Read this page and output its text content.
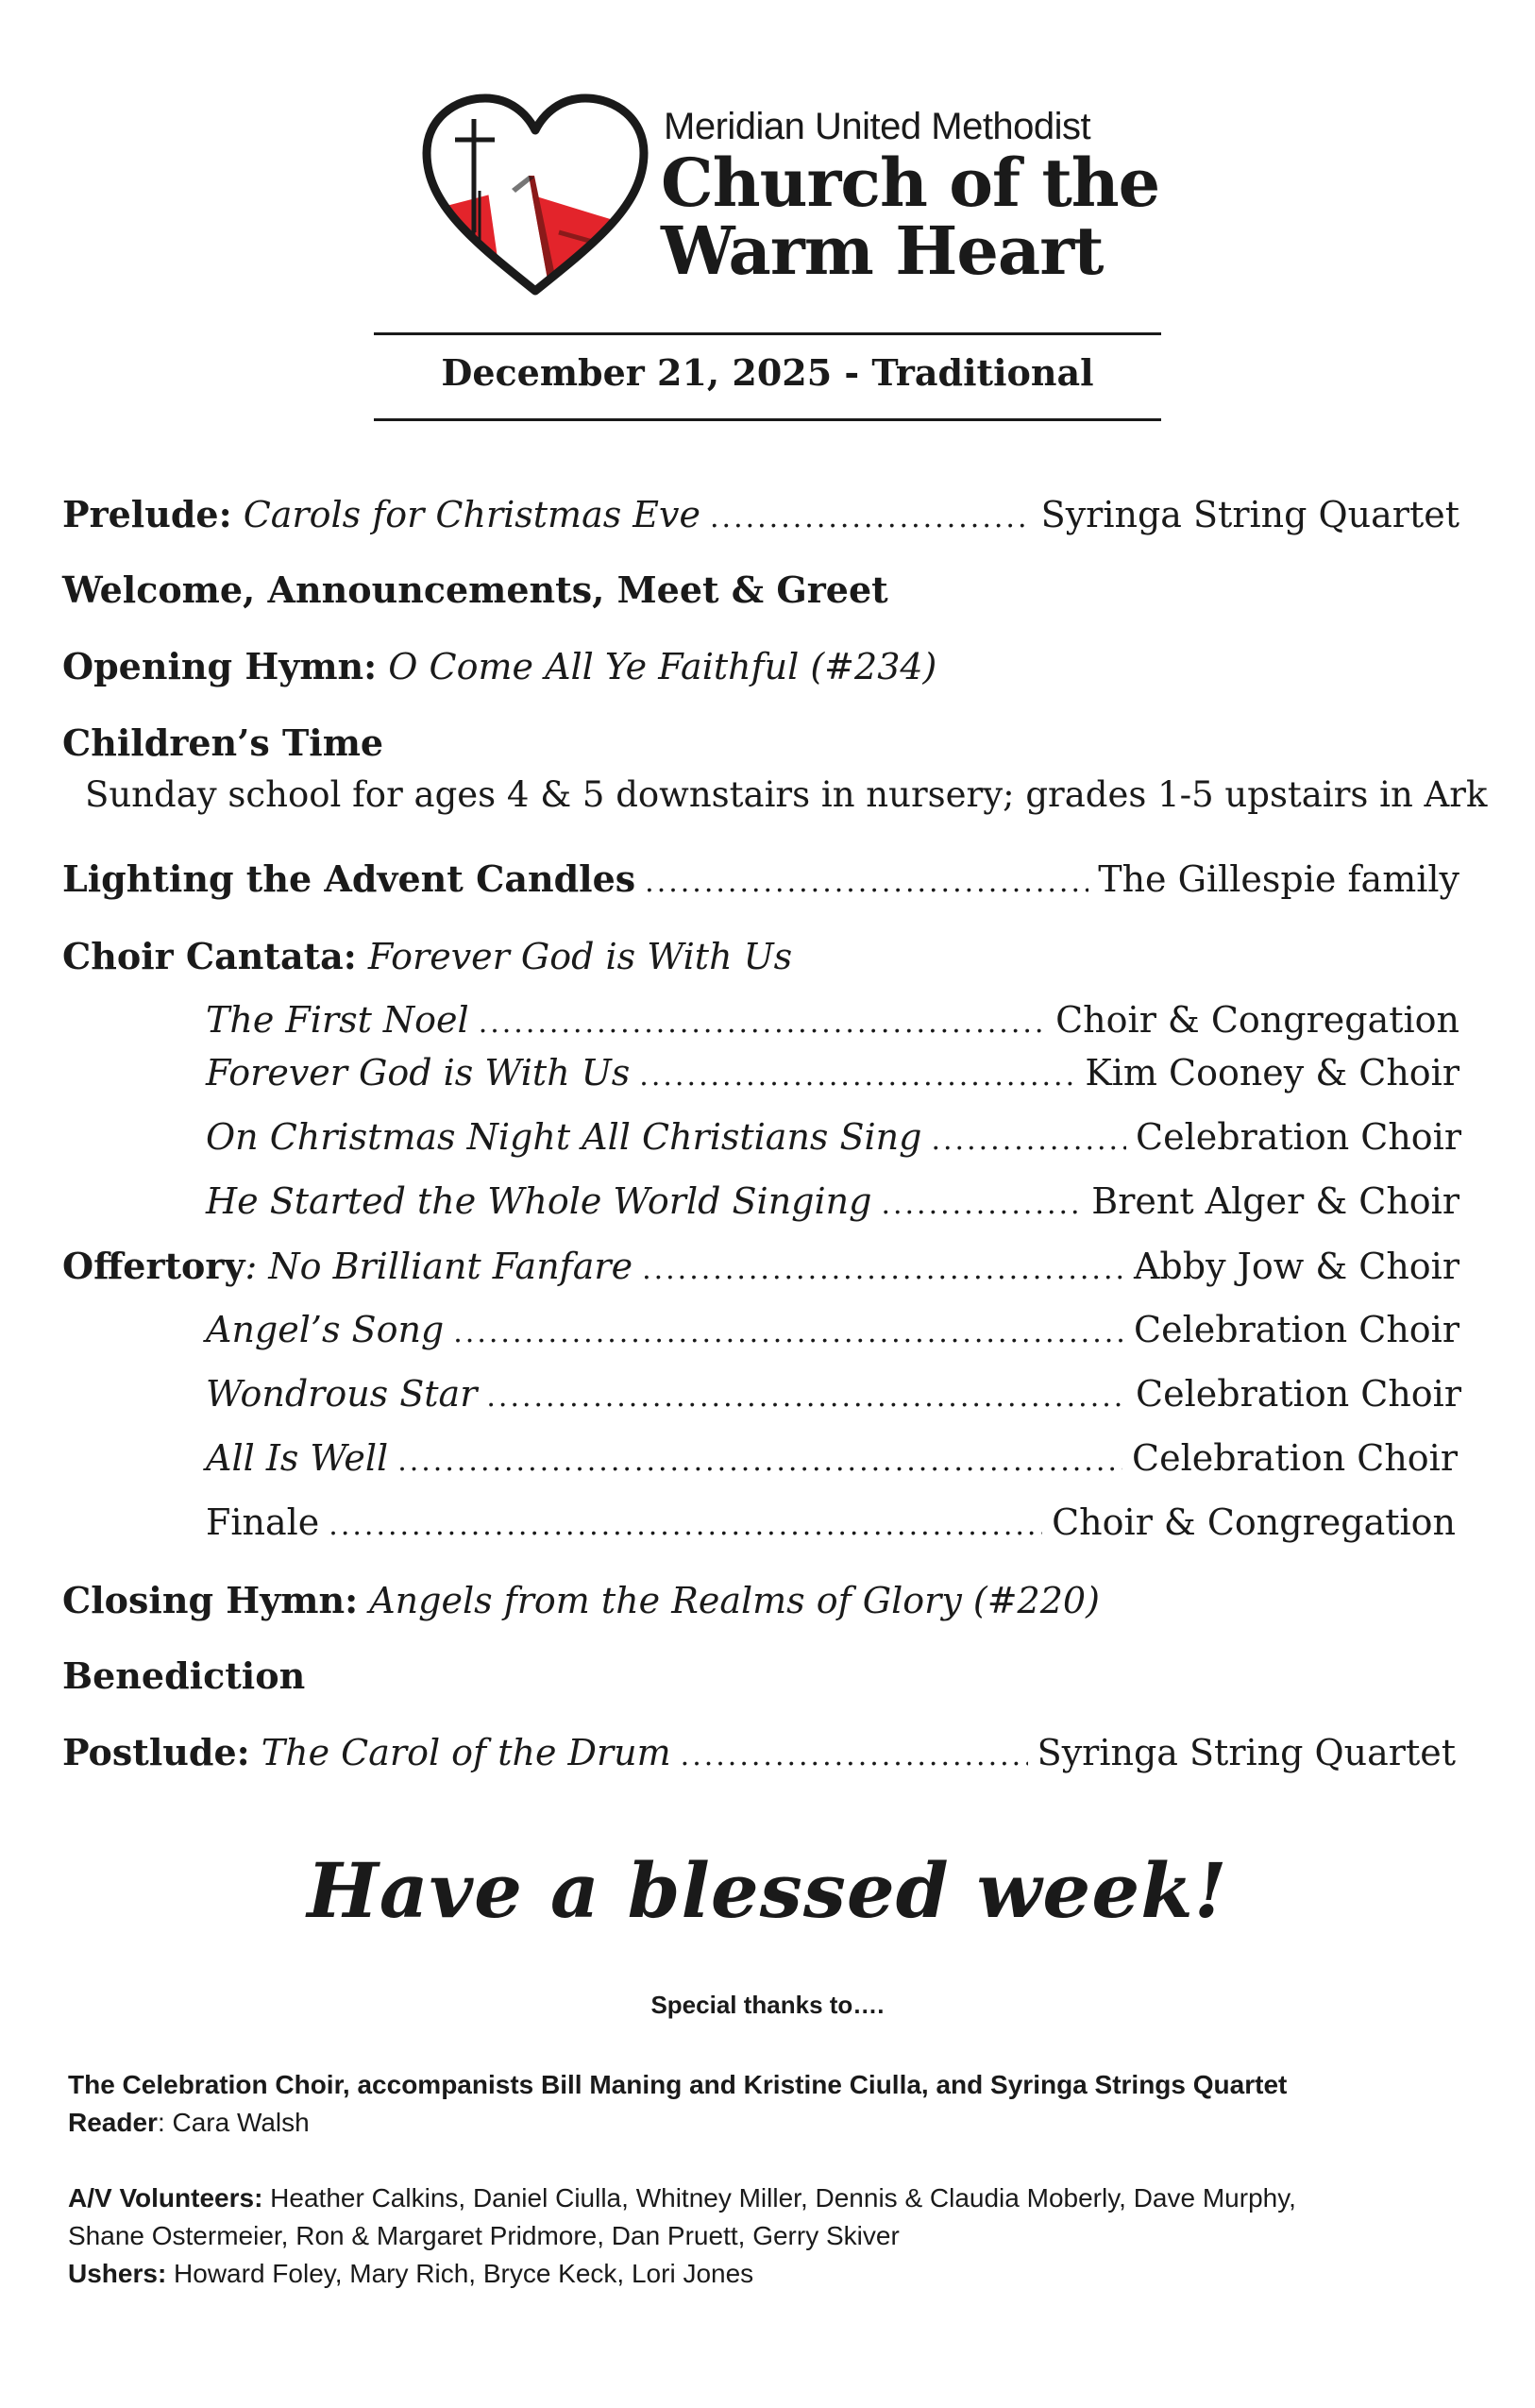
Meridian United Methodist
Church of the
Warm Heart
December 21, 2025 - Traditional
Prelude:
Carols for Christmas Eve .....	Syringa String Quartet
Welcome, Announcements, Meet & Greet
Opening Hymn:
O Come All Ye Faithful (#234)
Children’s Time
Sunday school for ages 4 & 5 downstairs in nursery; grades 1-5 upstairs in Ark
Lighting the Advent Candles .....	The Gillespie family
Choir Cantata:
Forever God is With Us
The First Noel .....	Choir & Congregation
Forever God is With Us .....	Kim Cooney & Choir
On Christmas Night All Christians Sing .....	Celebration Choir
He Started the Whole World Singing .....	Brent Alger & Choir
Offertory : No Brilliant Fanfare .....	Abby Jow & Choir
Angel’s Song .....	Celebration Choir
Wondrous Star .....	Celebration Choir
All Is Well .....	Celebration Choir
Finale .....	Choir & Congregation
Closing Hymn:
Angels from the Realms of Glory (#220)
Benediction
Postlude:
The Carol of the Drum .....	Syringa String Quartet
Have a blessed week!
Special thanks to….
The Celebration Choir, accompanists Bill Maning and Kristine Ciulla, and Syringa Strings Quartet
Reader: Cara Walsh
A/V Volunteers: Heather Calkins, Daniel Ciulla, Whitney Miller, Dennis & Claudia Moberly, Dave Murphy,
Shane Ostermeier, Ron & Margaret Pridmore, Dan Pruett, Gerry Skiver
Ushers: Howard Foley, Mary Rich, Bryce Keck, Lori Jones
